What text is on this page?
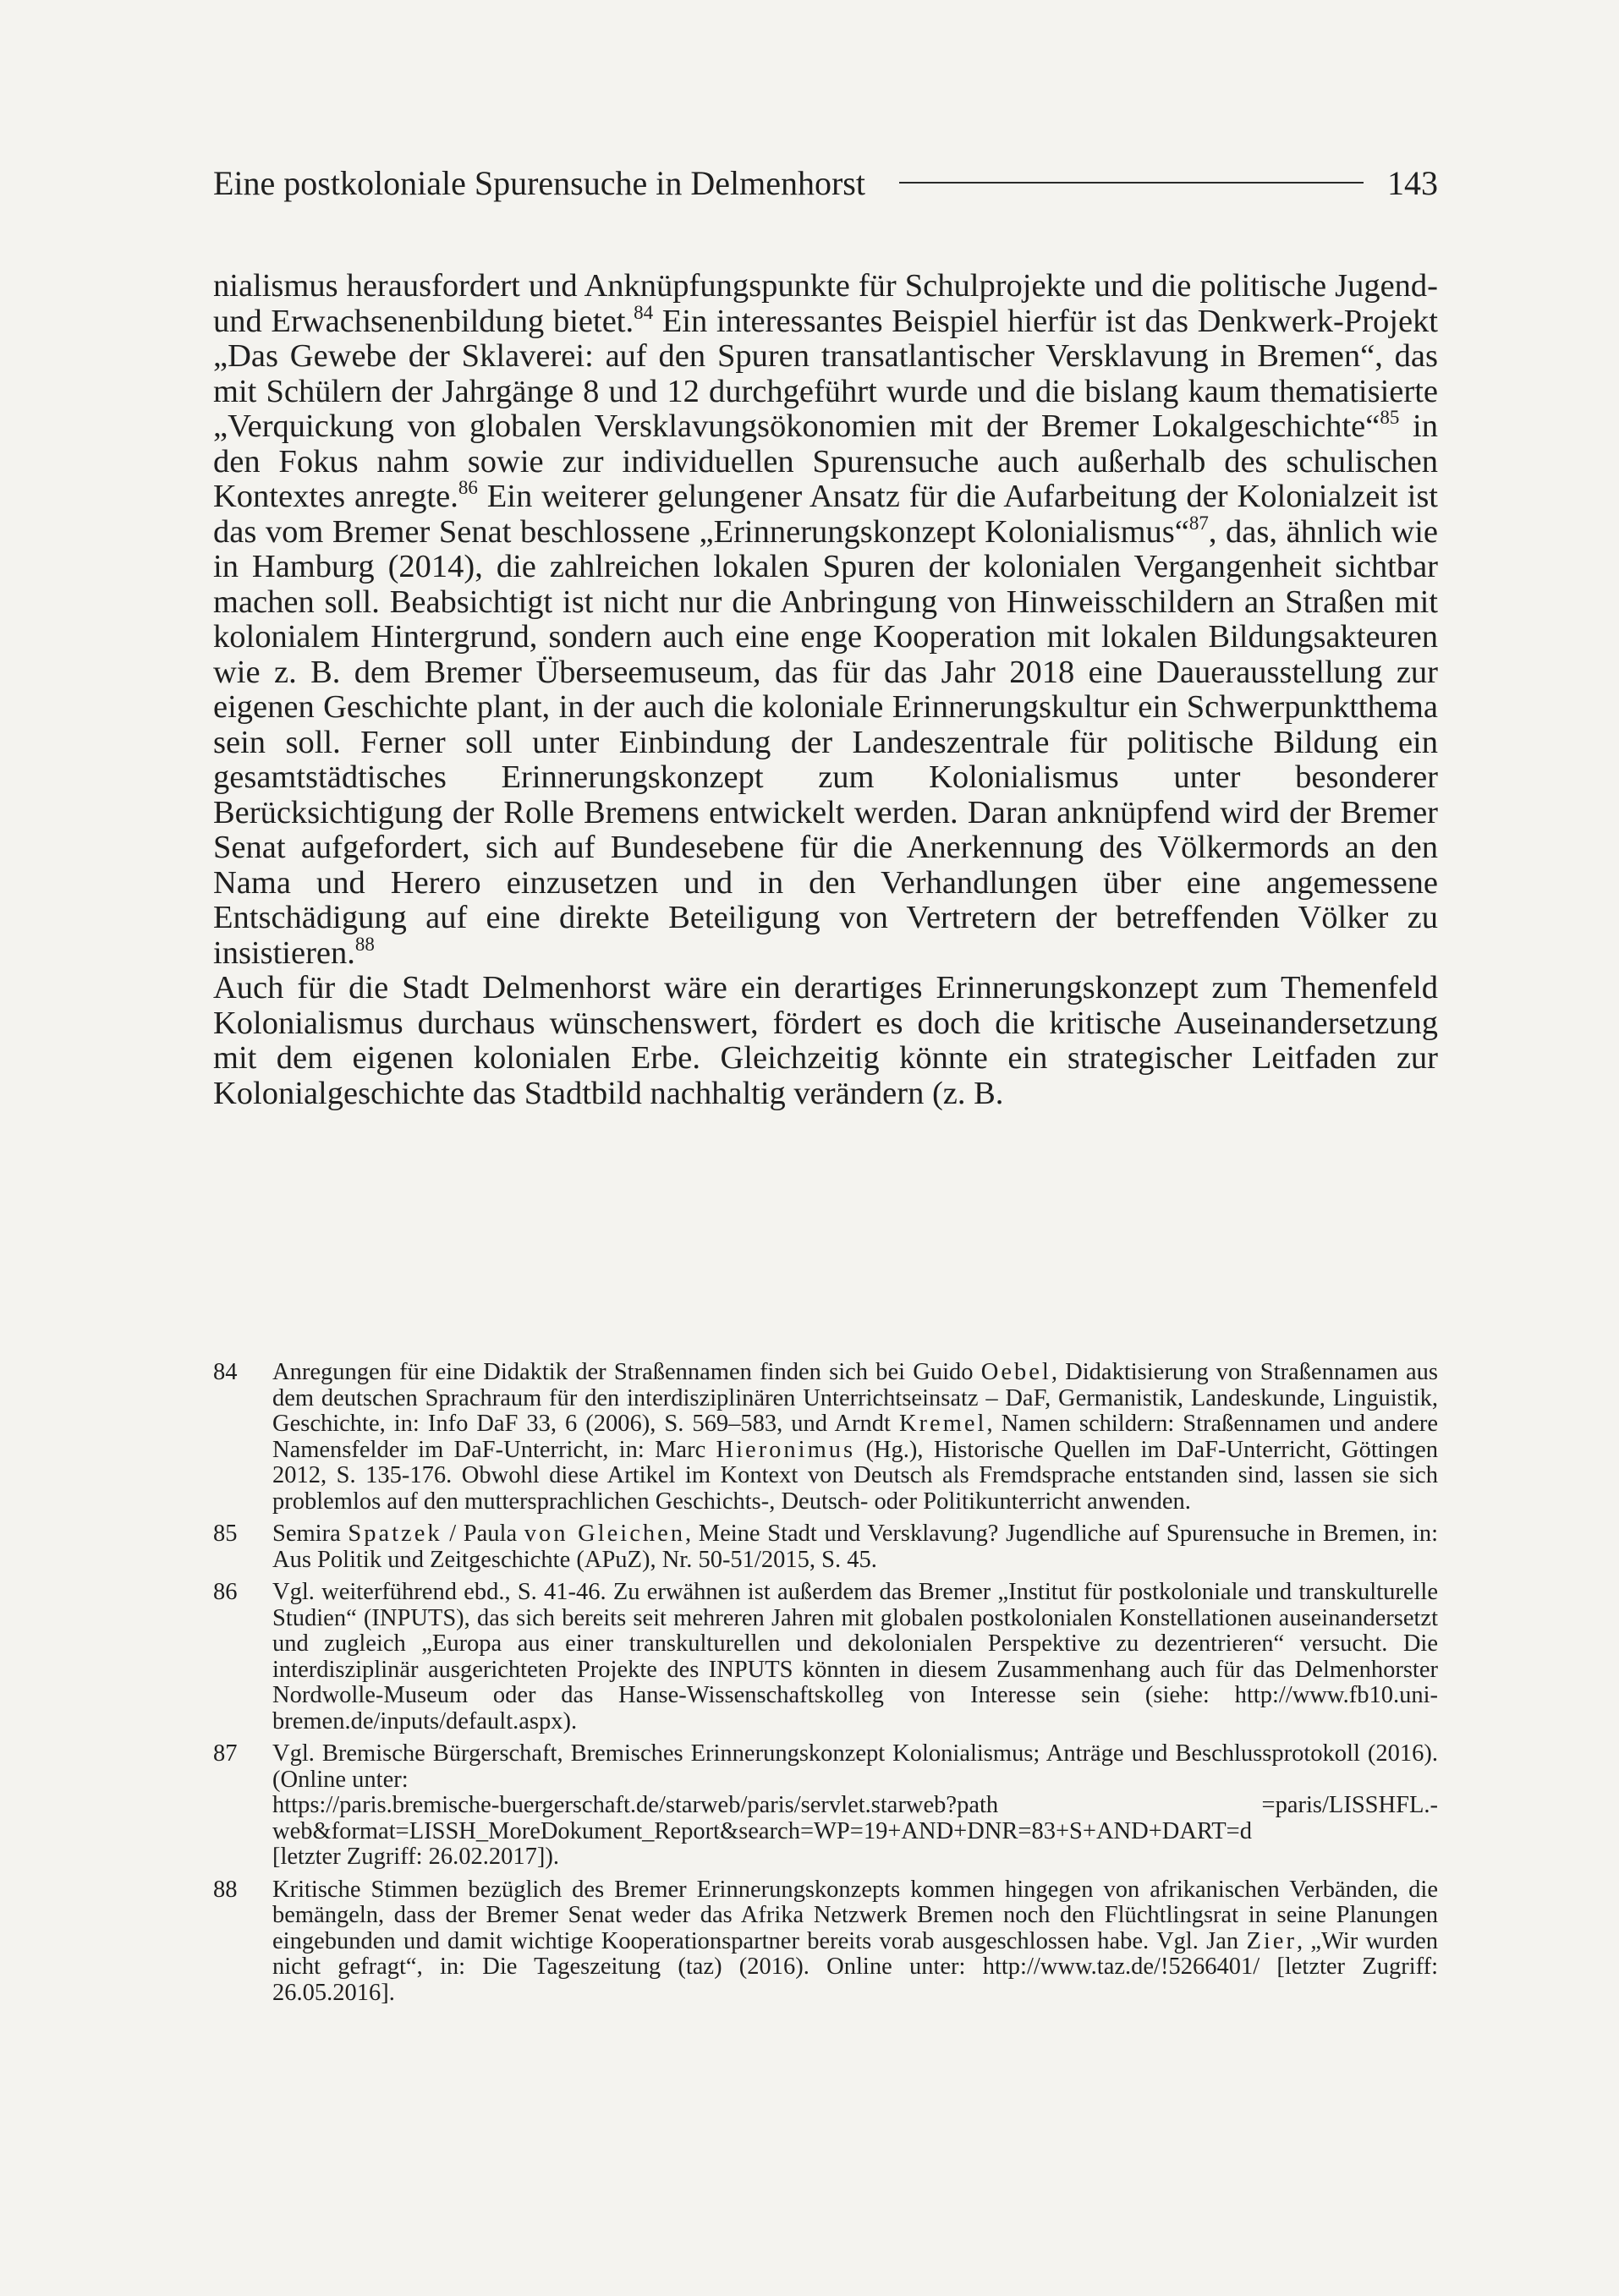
Eine postkoloniale Spurensuche in Delmenhorst	143

nialismus herausfordert und Anknüpfungspunkte für Schulprojekte und die politische Jugend- und Erwachsenenbildung bietet.$^{84}$ Ein interessantes Beispiel hierfür ist das Denkwerk-Projekt „Das Gewebe der Sklaverei: auf den Spuren transatlantischer Versklavung in Bremen“, das mit Schülern der Jahrgänge 8 und 12 durchgeführt wurde und die bislang kaum thematisierte „Verquickung von globalen Versklavungsökonomien mit der Bremer Lokalgeschichte“$^{85}$ in den Fokus nahm sowie zur individuellen Spurensuche auch außerhalb des schulischen Kontextes anregte.$^{86}$ Ein weiterer gelungener Ansatz für die Aufarbeitung der Kolonialzeit ist das vom Bremer Senat beschlossene „Erinnerungskonzept Kolonialismus“$^{87}$, das, ähnlich wie in Hamburg (2014), die zahlreichen lokalen Spuren der kolonialen Vergangenheit sichtbar machen soll. Beabsichtigt ist nicht nur die Anbringung von Hinweisschildern an Straßen mit kolonialem Hintergrund, sondern auch eine enge Kooperation mit lokalen Bildungsakteuren wie z. B. dem Bremer Überseemuseum, das für das Jahr 2018 eine Dauerausstellung zur eigenen Geschichte plant, in der auch die koloniale Erinnerungskultur ein Schwerpunktthema sein soll. Ferner soll unter Einbindung der Landeszentrale für politische Bildung ein gesamtstädtisches Erinnerungskonzept zum Kolonialismus unter besonderer Berücksichtigung der Rolle Bremens entwickelt werden. Daran anknüpfend wird der Bremer Senat aufgefordert, sich auf Bundesebene für die Anerkennung des Völkermords an den Nama und Herero einzusetzen und in den Verhandlungen über eine angemessene Entschädigung auf eine direkte Beteiligung von Vertretern der betreffenden Völker zu insistieren.$^{88}$

Auch für die Stadt Delmenhorst wäre ein derartiges Erinnerungskonzept zum Themenfeld Kolonialismus durchaus wünschenswert, fördert es doch die kritische Auseinandersetzung mit dem eigenen kolonialen Erbe. Gleichzeitig könnte ein strategischer Leitfaden zur Kolonialgeschichte das Stadtbild nachhaltig verändern (z. B.

84	Anregungen für eine Didaktik der Straßennamen finden sich bei Guido Oebel, Didaktisierung von Straßennamen aus dem deutschen Sprachraum für den interdisziplinären Unterrichtseinsatz – DaF, Germanistik, Landeskunde, Linguistik, Geschichte, in: Info DaF 33, 6 (2006), S. 569–583, und Arndt Kremel, Namen schildern: Straßennamen und andere Namensfelder im DaF-Unterricht, in: Marc Hieronimus (Hg.), Historische Quellen im DaF-Unterricht, Göttingen 2012, S. 135-176. Obwohl diese Artikel im Kontext von Deutsch als Fremdsprache entstanden sind, lassen sie sich problemlos auf den muttersprachlichen Geschichts-, Deutsch- oder Politikunterricht anwenden.
85	Semira Spatzek / Paula von Gleichen, Meine Stadt und Versklavung? Jugendliche auf Spurensuche in Bremen, in: Aus Politik und Zeitgeschichte (APuZ), Nr. 50-51/2015, S. 45.
86	Vgl. weiterführend ebd., S. 41-46. Zu erwähnen ist außerdem das Bremer „Institut für postkoloniale und transkulturelle Studien“ (INPUTS), das sich bereits seit mehreren Jahren mit globalen postkolonialen Konstellationen auseinandersetzt und zugleich „Europa aus einer transkulturellen und dekolonialen Perspektive zu dezentrieren“ versucht. Die interdisziplinär ausgerichteten Projekte des INPUTS könnten in diesem Zusammenhang auch für das Delmenhorster Nordwolle-Museum oder das Hanse-Wissenschaftskolleg von Interesse sein (siehe: http://www.fb10.uni-bremen.de/inputs/default.aspx).
87	Vgl. Bremische Bürgerschaft, Bremisches Erinnerungskonzept Kolonialismus; Anträge und Beschlussprotokoll (2016). (Online unter:
https://paris.bremische-buergerschaft.de/starweb/paris/servlet.starweb?path =paris/LISSHFL.-web&format=LISSH_MoreDokument_Report&search=WP=19+AND+DNR=83+S+AND+DART=d
[letzter Zugriff: 26.02.2017]).
88	Kritische Stimmen bezüglich des Bremer Erinnerungskonzepts kommen hingegen von afrikanischen Verbänden, die bemängeln, dass der Bremer Senat weder das Afrika Netzwerk Bremen noch den Flüchtlingsrat in seine Planungen eingebunden und damit wichtige Kooperationspartner bereits vorab ausgeschlossen habe. Vgl. Jan Zier, „Wir wurden nicht gefragt“, in: Die Tageszeitung (taz) (2016). Online unter: http://www.taz.de/!5266401/ [letzter Zugriff: 26.05.2016].
